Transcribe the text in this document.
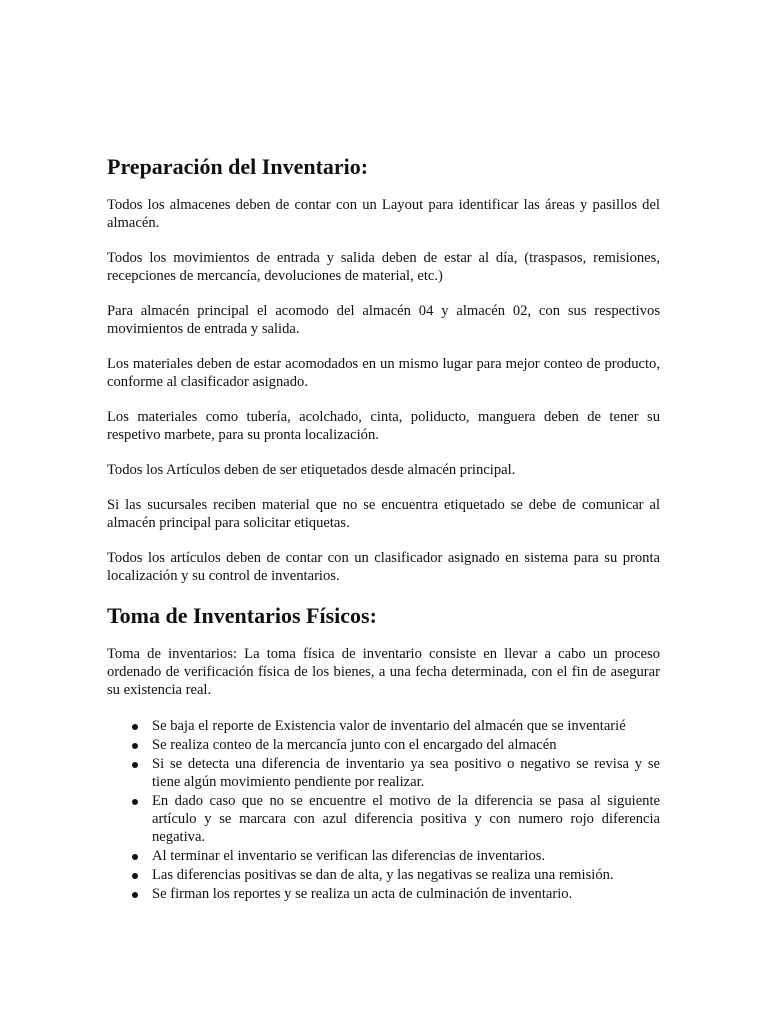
Preparación del Inventario:

Todos los almacenes deben de contar con un Layout para identificar las áreas y pasillos del almacén.

Todos los movimientos de entrada y salida deben de estar al día, (traspasos, remisiones, recepciones de mercancía, devoluciones de material, etc.)

Para almacén principal el acomodo del almacén 04 y almacén 02, con sus respectivos movimientos de entrada y salida.

Los materiales deben de estar acomodados en un mismo lugar para mejor conteo de producto, conforme al clasificador asignado.

Los materiales como tubería, acolchado, cinta, poliducto, manguera deben de tener su respetivo marbete, para su pronta localización.

Todos los Artículos deben de ser etiquetados desde almacén principal.

Si las sucursales reciben material que no se encuentra etiquetado se debe de comunicar al almacén principal para solicitar etiquetas.

Todos los artículos deben de contar con un clasificador asignado en sistema para su pronta localización y su control de inventarios.

Toma de Inventarios Físicos:

Toma de inventarios: La toma física de inventario consiste en llevar a cabo un proceso ordenado de verificación física de los bienes, a una fecha determinada, con el fin de asegurar su existencia real.

Se baja el reporte de Existencia valor de inventario del almacén que se inventarié
Se realiza conteo de la mercancía junto con el encargado del almacén
Si se detecta una diferencia de inventario ya sea positivo o negativo se revisa y se tiene algún movimiento pendiente por realizar.
En dado caso que no se encuentre el motivo de la diferencia se pasa al siguiente artículo y se marcara con azul diferencia positiva y con numero rojo diferencia negativa.
Al terminar el inventario se verifican las diferencias de inventarios.
Las diferencias positivas se dan de alta, y las negativas se realiza una remisión.
Se firman los reportes y se realiza un acta de culminación de inventario.
